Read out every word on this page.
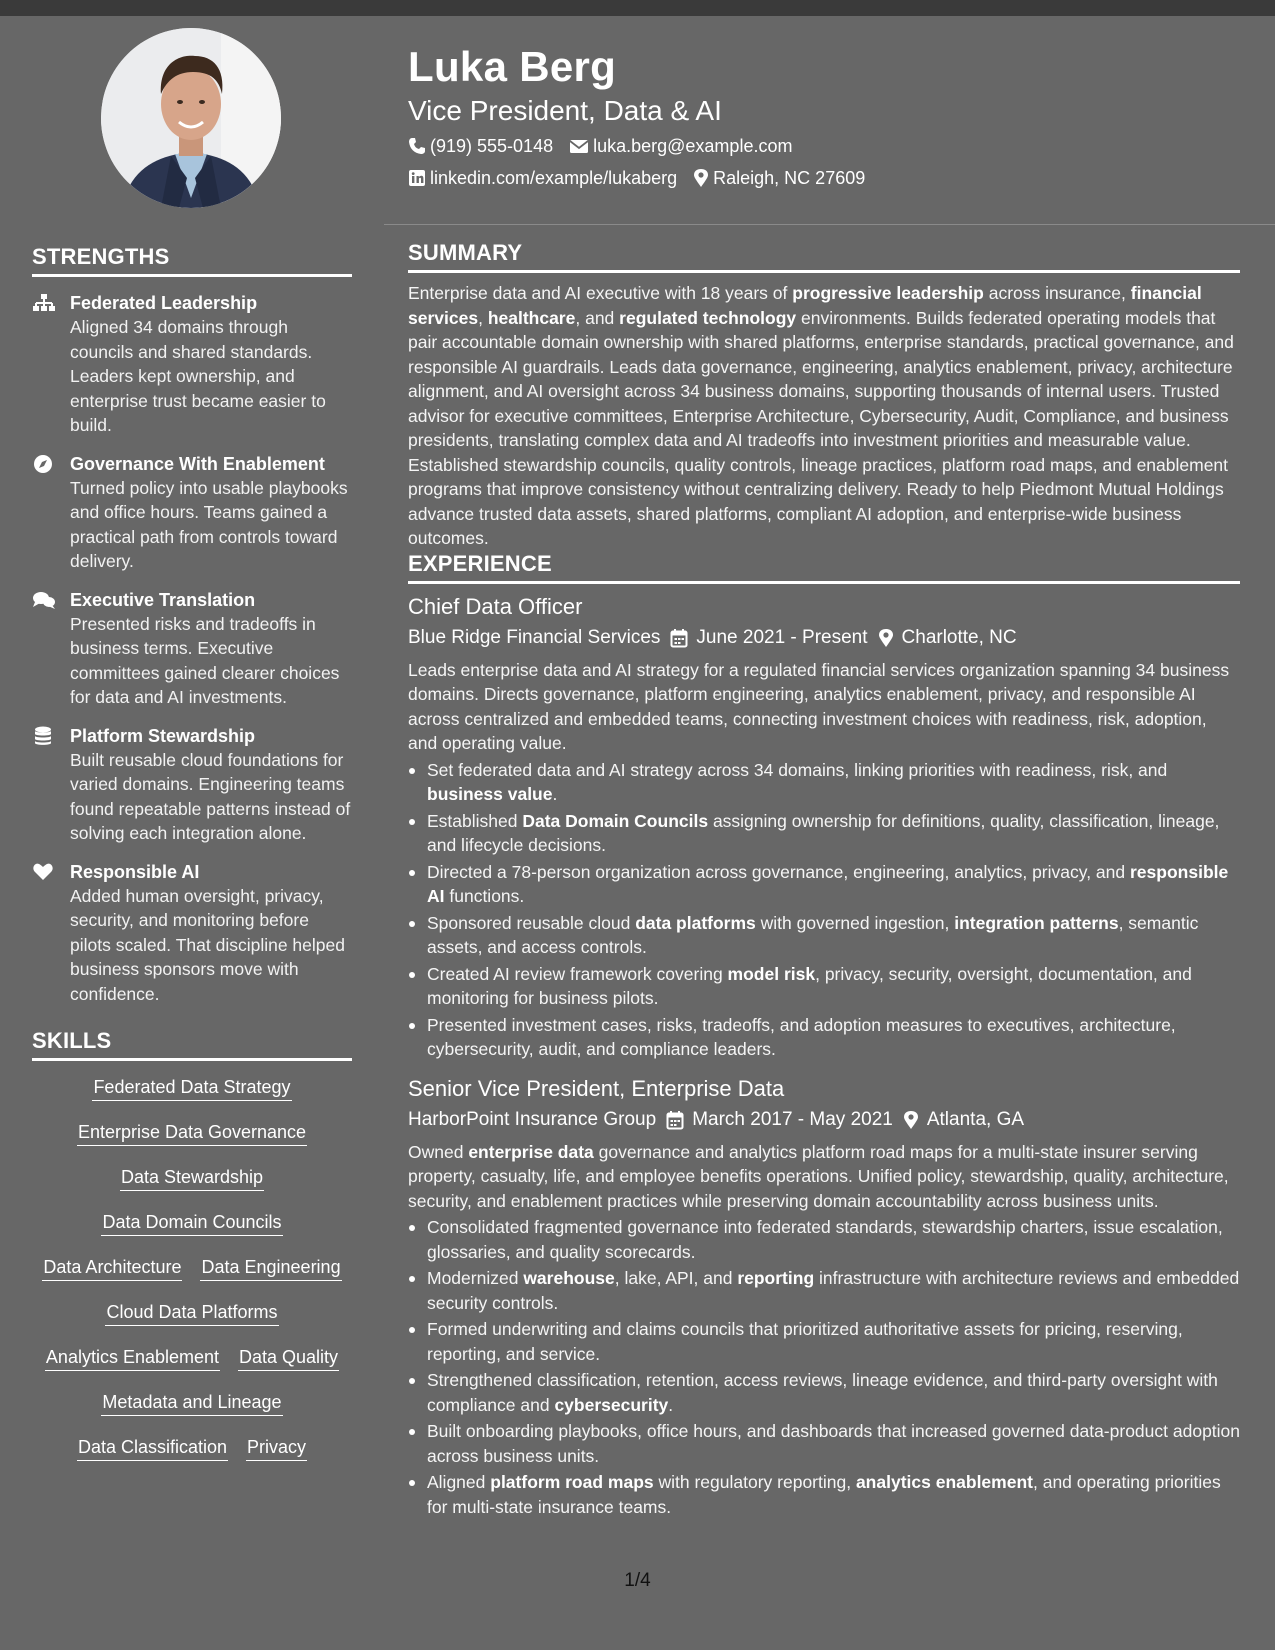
STRENGTHS
Federated Leadership
Aligned 34 domains through councils and shared standards. Leaders kept ownership, and enterprise trust became easier to build.
Governance With Enablement
Turned policy into usable playbooks and office hours. Teams gained a practical path from controls toward delivery.
Executive Translation
Presented risks and tradeoffs in business terms. Executive committees gained clearer choices for data and AI investments.
Platform Stewardship
Built reusable cloud foundations for varied domains. Engineering teams found repeatable patterns instead of solving each integration alone.
Responsible AI
Added human oversight, privacy, security, and monitoring before pilots scaled. That discipline helped business sponsors move with confidence.
SKILLS
Federated Data Strategy
Enterprise Data Governance
Data Stewardship
Data Domain Councils
Data Architecture Data Engineering
Cloud Data Platforms
Analytics Enablement Data Quality
Metadata and Lineage
Data Classification Privacy
Luka Berg
Vice President, Data & AI
(919) 555-0148 luka.berg@example.com
linkedin.com/example/lukaberg Raleigh, NC 27609
SUMMARY
Enterprise data and AI executive with 18 years of progressive leadership across insurance, financial services, healthcare, and regulated technology environments. Builds federated operating models that pair accountable domain ownership with shared platforms, enterprise standards, practical governance, and responsible AI guardrails. Leads data governance, engineering, analytics enablement, privacy, architecture alignment, and AI oversight across 34 business domains, supporting thousands of internal users. Trusted advisor for executive committees, Enterprise Architecture, Cybersecurity, Audit, Compliance, and business presidents, translating complex data and AI tradeoffs into investment priorities and measurable value. Established stewardship councils, quality controls, lineage practices, platform road maps, and enablement programs that improve consistency without centralizing delivery. Ready to help Piedmont Mutual Holdings advance trusted data assets, shared platforms, compliant AI adoption, and enterprise-wide business outcomes.
EXPERIENCE
Chief Data Officer
Blue Ridge Financial Services June 2021 - Present Charlotte, NC
Leads enterprise data and AI strategy for a regulated financial services organization spanning 34 business domains. Directs governance, platform engineering, analytics enablement, privacy, and responsible AI across centralized and embedded teams, connecting investment choices with readiness, risk, adoption, and operating value.
Set federated data and AI strategy across 34 domains, linking priorities with readiness, risk, and business value.
Established Data Domain Councils assigning ownership for definitions, quality, classification, lineage, and lifecycle decisions.
Directed a 78-person organization across governance, engineering, analytics, privacy, and responsible AI functions.
Sponsored reusable cloud data platforms with governed ingestion, integration patterns, semantic assets, and access controls.
Created AI review framework covering model risk, privacy, security, oversight, documentation, and monitoring for business pilots.
Presented investment cases, risks, tradeoffs, and adoption measures to executives, architecture, cybersecurity, audit, and compliance leaders.
Senior Vice President, Enterprise Data
HarborPoint Insurance Group March 2017 - May 2021 Atlanta, GA
Owned enterprise data governance and analytics platform road maps for a multi-state insurer serving property, casualty, life, and employee benefits operations. Unified policy, stewardship, quality, architecture, security, and enablement practices while preserving domain accountability across business units.
Consolidated fragmented governance into federated standards, stewardship charters, issue escalation, glossaries, and quality scorecards.
Modernized warehouse, lake, API, and reporting infrastructure with architecture reviews and embedded security controls.
Formed underwriting and claims councils that prioritized authoritative assets for pricing, reserving, reporting, and service.
Strengthened classification, retention, access reviews, lineage evidence, and third-party oversight with compliance and cybersecurity.
Built onboarding playbooks, office hours, and dashboards that increased governed data-product adoption across business units.
Aligned platform road maps with regulatory reporting, analytics enablement, and operating priorities for multi-state insurance teams.
1/4
